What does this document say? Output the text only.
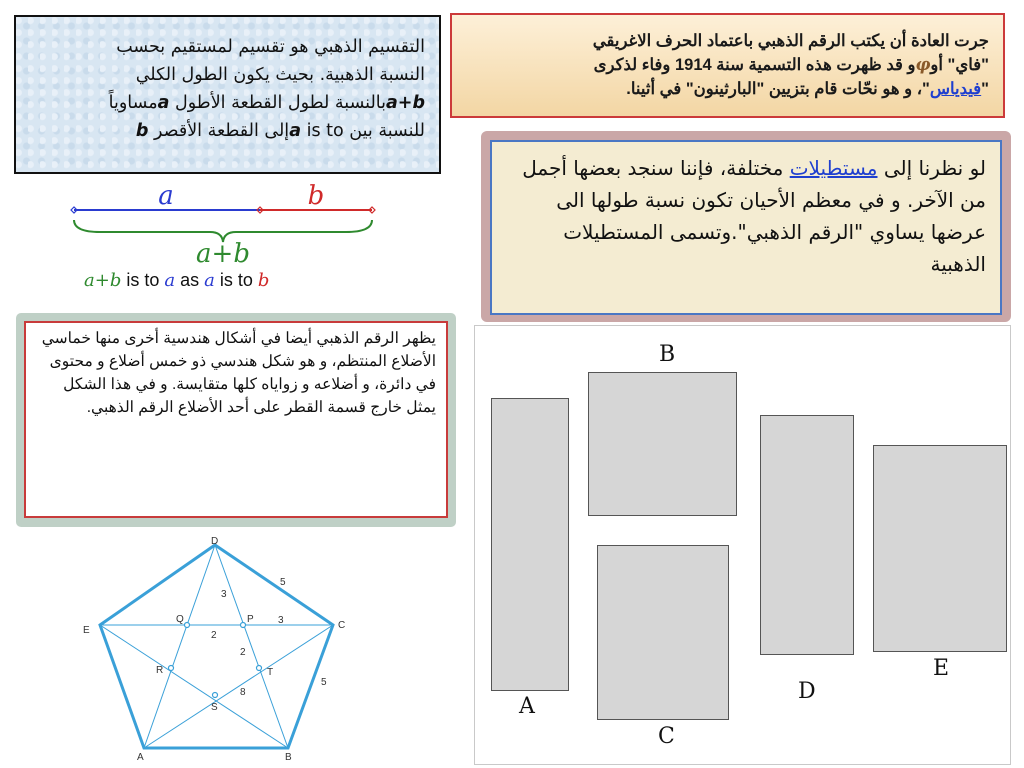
التقسيم الذهبي هو تقسيم لمستقيم بحسب
النسبة الذهبية. بحيث يكون الطول الكلي
a+bبالنسبة لطول القطعة الأطول aمساوياً
للنسبة بين is to aإلى القطعة الأقصر b
a	b
a+b
a+b is to a as a is to b
جرت العادة أن يكتب الرقم الذهبي باعتماد الحرف الاغريقي
"فاي" أوφو قد ظهرت هذه التسمية سنة 1914 وفاء لذكرى
"فيدياس"، و هو نحّات قام بتزيين "البارثينون" في أثينا.
لو نظرنا إلى مستطيلات مختلفة، فإننا سنجد بعضها أجمل من الآخر. و في معظم الأحيان تكون نسبة طولها الى عرضها يساوي "الرقم الذهبي".وتسمى المستطيلات الذهبية
يظهر الرقم الذهبي أيضا في أشكال هندسية أخرى منها خماسي الأضلاع المنتظم، و هو شكل هندسي ذو خمس أضلاع و محتوى في دائرة، و أضلاعه و زواياه كلها متقايسة. و في هذا الشكل يمثل خارج قسمة القطر على أحد الأضلاع الرقم الذهبي.
D
C
B
A
E
Q	P
T
S
R
3
5
2
3
2
8
5
A
B
C
D
E
